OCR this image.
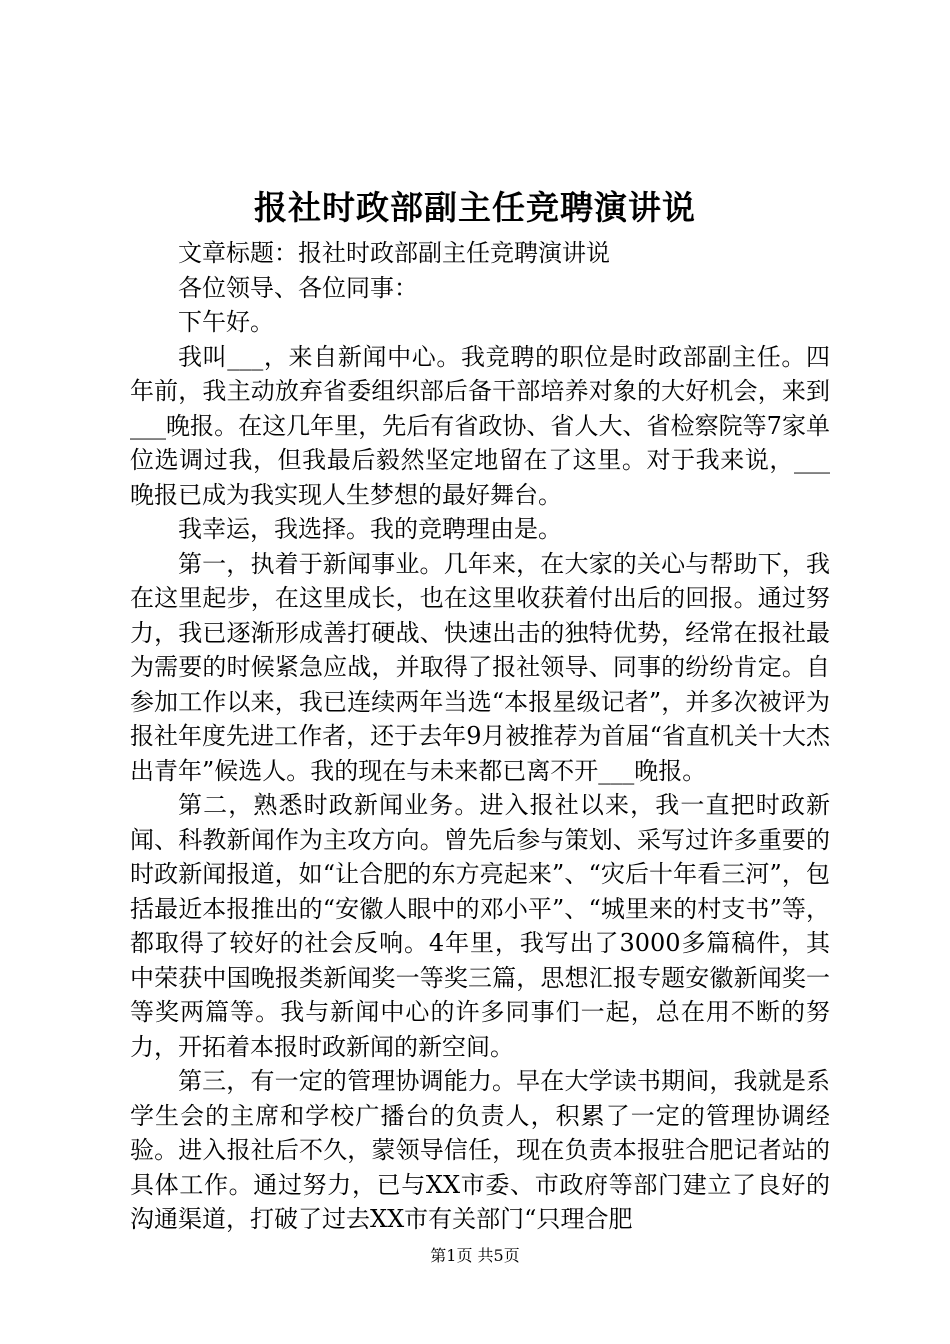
报社时政部副主任竞聘演讲说

文章标题：报社时政部副主任竞聘演讲说

各位领导、各位同事：

下午好。

我叫___，来自新闻中心。我竞聘的职位是时政部副主任。四年前，我主动放弃省委组织部后备干部培养对象的大好机会，来到___晚报。在这几年里，先后有省政协、省人大、省检察院等7家单位选调过我，但我最后毅然坚定地留在了这里。对于我来说，___晚报已成为我实现人生梦想的最好舞台。

我幸运，我选择。我的竞聘理由是。

第一，执着于新闻事业。几年来，在大家的关心与帮助下，我在这里起步，在这里成长，也在这里收获着付出后的回报。通过努力，我已逐渐形成善打硬战、快速出击的独特优势，经常在报社最为需要的时候紧急应战，并取得了报社领导、同事的纷纷肯定。自参加工作以来，我已连续两年当选“本报星级记者”，并多次被评为报社年度先进工作者，还于去年9月被推荐为首届“省直机关十大杰出青年”候选人。我的现在与未来都已离不开___晚报。

第二，熟悉时政新闻业务。进入报社以来，我一直把时政新闻、科教新闻作为主攻方向。曾先后参与策划、采写过许多重要的时政新闻报道，如“让合肥的东方亮起来”、“灾后十年看三河”，包括最近本报推出的“安徽人眼中的邓小平”、“城里来的村支书”等，都取得了较好的社会反响。4年里，我写出了3000多篇稿件，其中荣获中国晚报类新闻奖一等奖三篇，思想汇报专题安徽新闻奖一等奖两篇等。我与新闻中心的许多同事们一起，总在用不断的努力，开拓着本报时政新闻的新空间。

第三，有一定的管理协调能力。早在大学读书期间，我就是系学生会的主席和学校广播台的负责人，积累了一定的管理协调经验。进入报社后不久，蒙领导信任，现在负责本报驻合肥记者站的具体工作。通过努力，已与XX市委、市政府等部门建立了良好的沟通渠道，打破了过去XX市有关部门“只理合肥

第1页 共5页
